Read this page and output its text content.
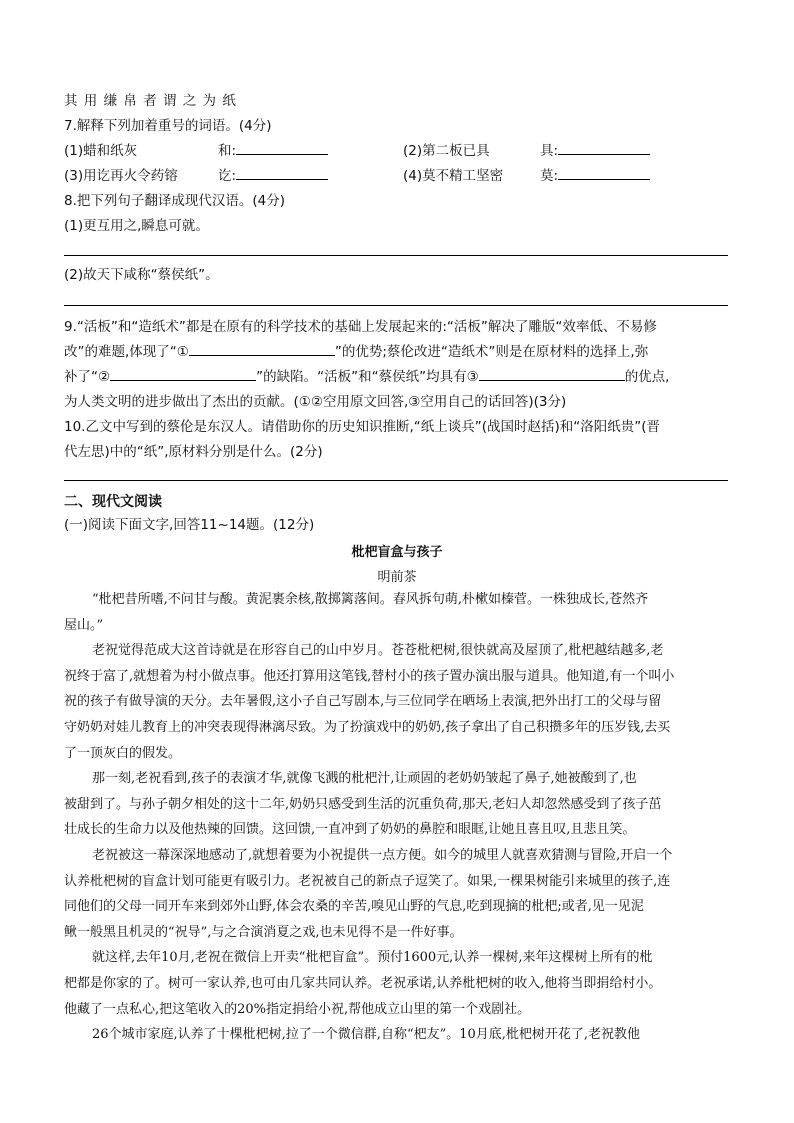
其 用 缣 帛 者 谓 之 为 纸
7.解释下列加着重号的词语。(4分)
(1)蜡和纸灰	和:	(2)第二板已具	具:
(3)用讫再火令药镕	讫:	(4)莫不精工坚密	莫:
8.把下列句子翻译成现代汉语。(4分)
(1)更互用之,瞬息可就。
(2)故天下咸称“蔡侯纸”。
9.“活板”和“造纸术”都是在原有的科学技术的基础上发展起来的:“活板”解决了雕版“效率低、不易修
改”的难题,体现了“①	”的优势;蔡伦改进“造纸术”则是在原材料的选择上,弥
补了“②	”的缺陷。“活板”和“蔡侯纸”均具有③	的优点,
为人类文明的进步做出了杰出的贡献。(①②空用原文回答,③空用自己的话回答)(3分)
10.乙文中写到的蔡伦是东汉人。请借助你的历史知识推断,“纸上谈兵”(战国时赵括)和“洛阳纸贵”(晋
代左思)中的“纸”,原材料分别是什么。(2分)
二、现代文阅读
(一)阅读下面文字,回答11~14题。(12分)
枇杷盲盒与孩子
明前茶
“枇杷昔所嗜,不问甘与酸。黄泥裹余核,散掷篱落间。春风拆句萌,朴樕如榛菅。一株独成长,苍然齐
屋山。”
老祝觉得范成大这首诗就是在形容自己的山中岁月。苍苍枇杷树,很快就高及屋顶了,枇杷越结越多,老
祝终于富了,就想着为村小做点事。他还打算用这笔钱,替村小的孩子置办演出服与道具。他知道,有一个叫小
祝的孩子有做导演的天分。去年暑假,这小子自己写剧本,与三位同学在晒场上表演,把外出打工的父母与留
守奶奶对娃儿教育上的冲突表现得淋漓尽致。为了扮演戏中的奶奶,孩子拿出了自己积攒多年的压岁钱,去买
了一顶灰白的假发。
那一刻,老祝看到,孩子的表演才华,就像飞溅的枇杷汁,让顽固的老奶奶皱起了鼻子,她被酸到了,也
被甜到了。与孙子朝夕相处的这十二年,奶奶只感受到生活的沉重负荷,那天,老妇人却忽然感受到了孩子茁
壮成长的生命力以及他热辣的回馈。这回馈,一直冲到了奶奶的鼻腔和眼眶,让她且喜且叹,且悲且笑。
老祝被这一幕深深地感动了,就想着要为小祝提供一点方便。如今的城里人就喜欢猜测与冒险,开启一个
认养枇杷树的盲盒计划可能更有吸引力。老祝被自己的新点子逗笑了。如果,一棵果树能引来城里的孩子,连
同他们的父母一同开车来到郊外山野,体会农桑的辛苦,嗅见山野的气息,吃到现摘的枇杷;或者,见一见泥
鳅一般黑且机灵的“祝导”,与之合演消夏之戏,也未见得不是一件好事。
就这样,去年10月,老祝在微信上开卖“枇杷盲盒”。预付1600元,认养一棵树,来年这棵树上所有的枇
杷都是你家的了。树可一家认养,也可由几家共同认养。老祝承诺,认养枇杷树的收入,他将当即捐给村小。
他藏了一点私心,把这笔收入的20%指定捐给小祝,帮他成立山里的第一个戏剧社。
26个城市家庭,认养了十棵枇杷树,拉了一个微信群,自称“杷友”。10月底,枇杷树开花了,老祝教他
